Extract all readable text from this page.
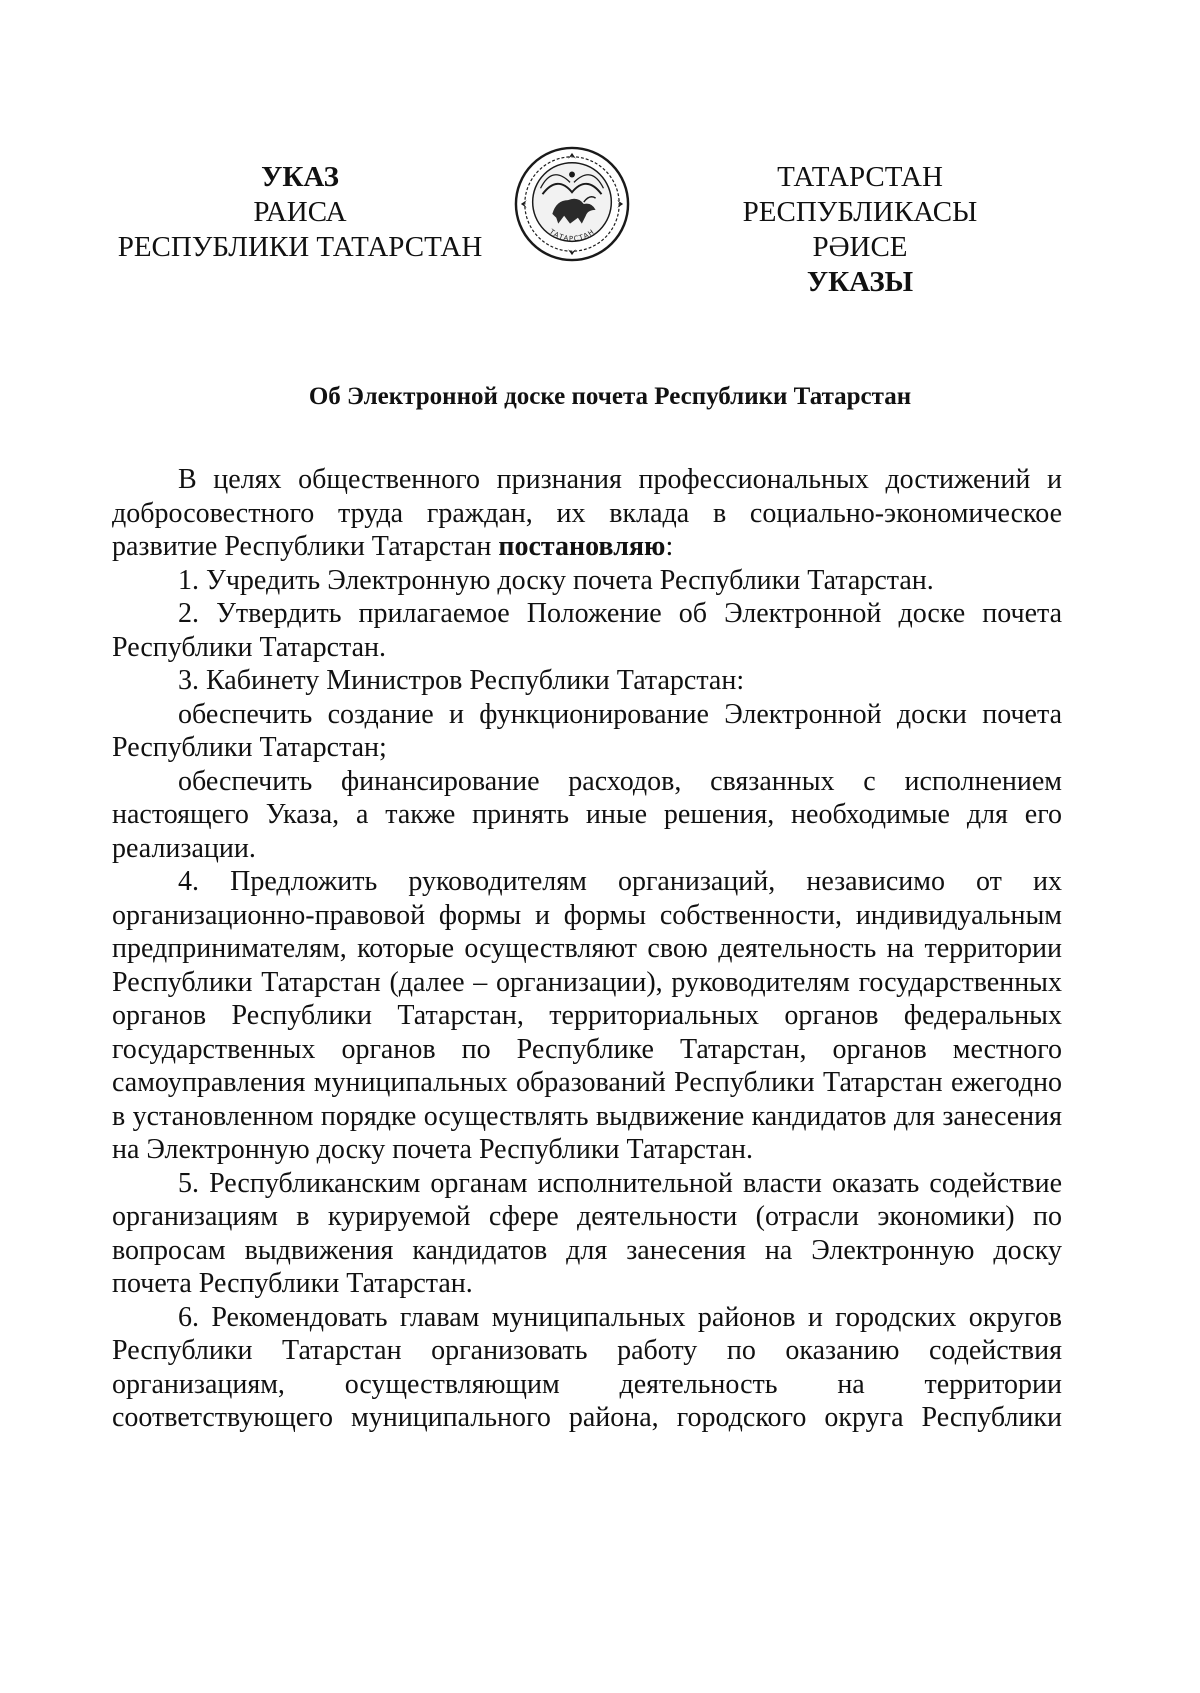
УКАЗ
РАИСА
РЕСПУБЛИКИ ТАТАРСТАН
ТАТАРСТАН РЕСПУБЛИКАСЫ
РӘИСЕ
УКАЗЫ
ТАТАРСТАН
Об Электронной доске почета Республики Татарстан

В целях общественного признания профессиональных достижений и добросовестного труда граждан, их вклада в социально-экономическое развитие Республики Татарстан постановляю:

1. Учредить Электронную доску почета Республики Татарстан.

2. Утвердить прилагаемое Положение об Электронной доске почета Республики Татарстан.

3. Кабинету Министров Республики Татарстан:

обеспечить создание и функционирование Электронной доски почета Республики Татарстан;

обеспечить финансирование расходов, связанных с исполнением настоящего Указа, а также принять иные решения, необходимые для его реализации.

4. Предложить руководителям организаций, независимо от их организационно-правовой формы и формы собственности, индивидуальным предпринимателям, которые осуществляют свою деятельность на территории Республики Татарстан (далее – организации), руководителям государственных органов Республики Татарстан, территориальных органов федеральных государственных органов по Республике Татарстан, органов местного самоуправления муниципальных образований Республики Татарстан ежегодно в установленном порядке осуществлять выдвижение кандидатов для занесения на Электронную доску почета Республики Татарстан.

5. Республиканским органам исполнительной власти оказать содействие организациям в курируемой сфере деятельности (отрасли экономики) по вопросам выдвижения кандидатов для занесения на Электронную доску почета Республики Татарстан.

6. Рекомендовать главам муниципальных районов и городских округов Республики Татарстан организовать работу по оказанию содействия организациям, осуществляющим деятельность на территории соответствующего муниципального района, городского округа Республики
